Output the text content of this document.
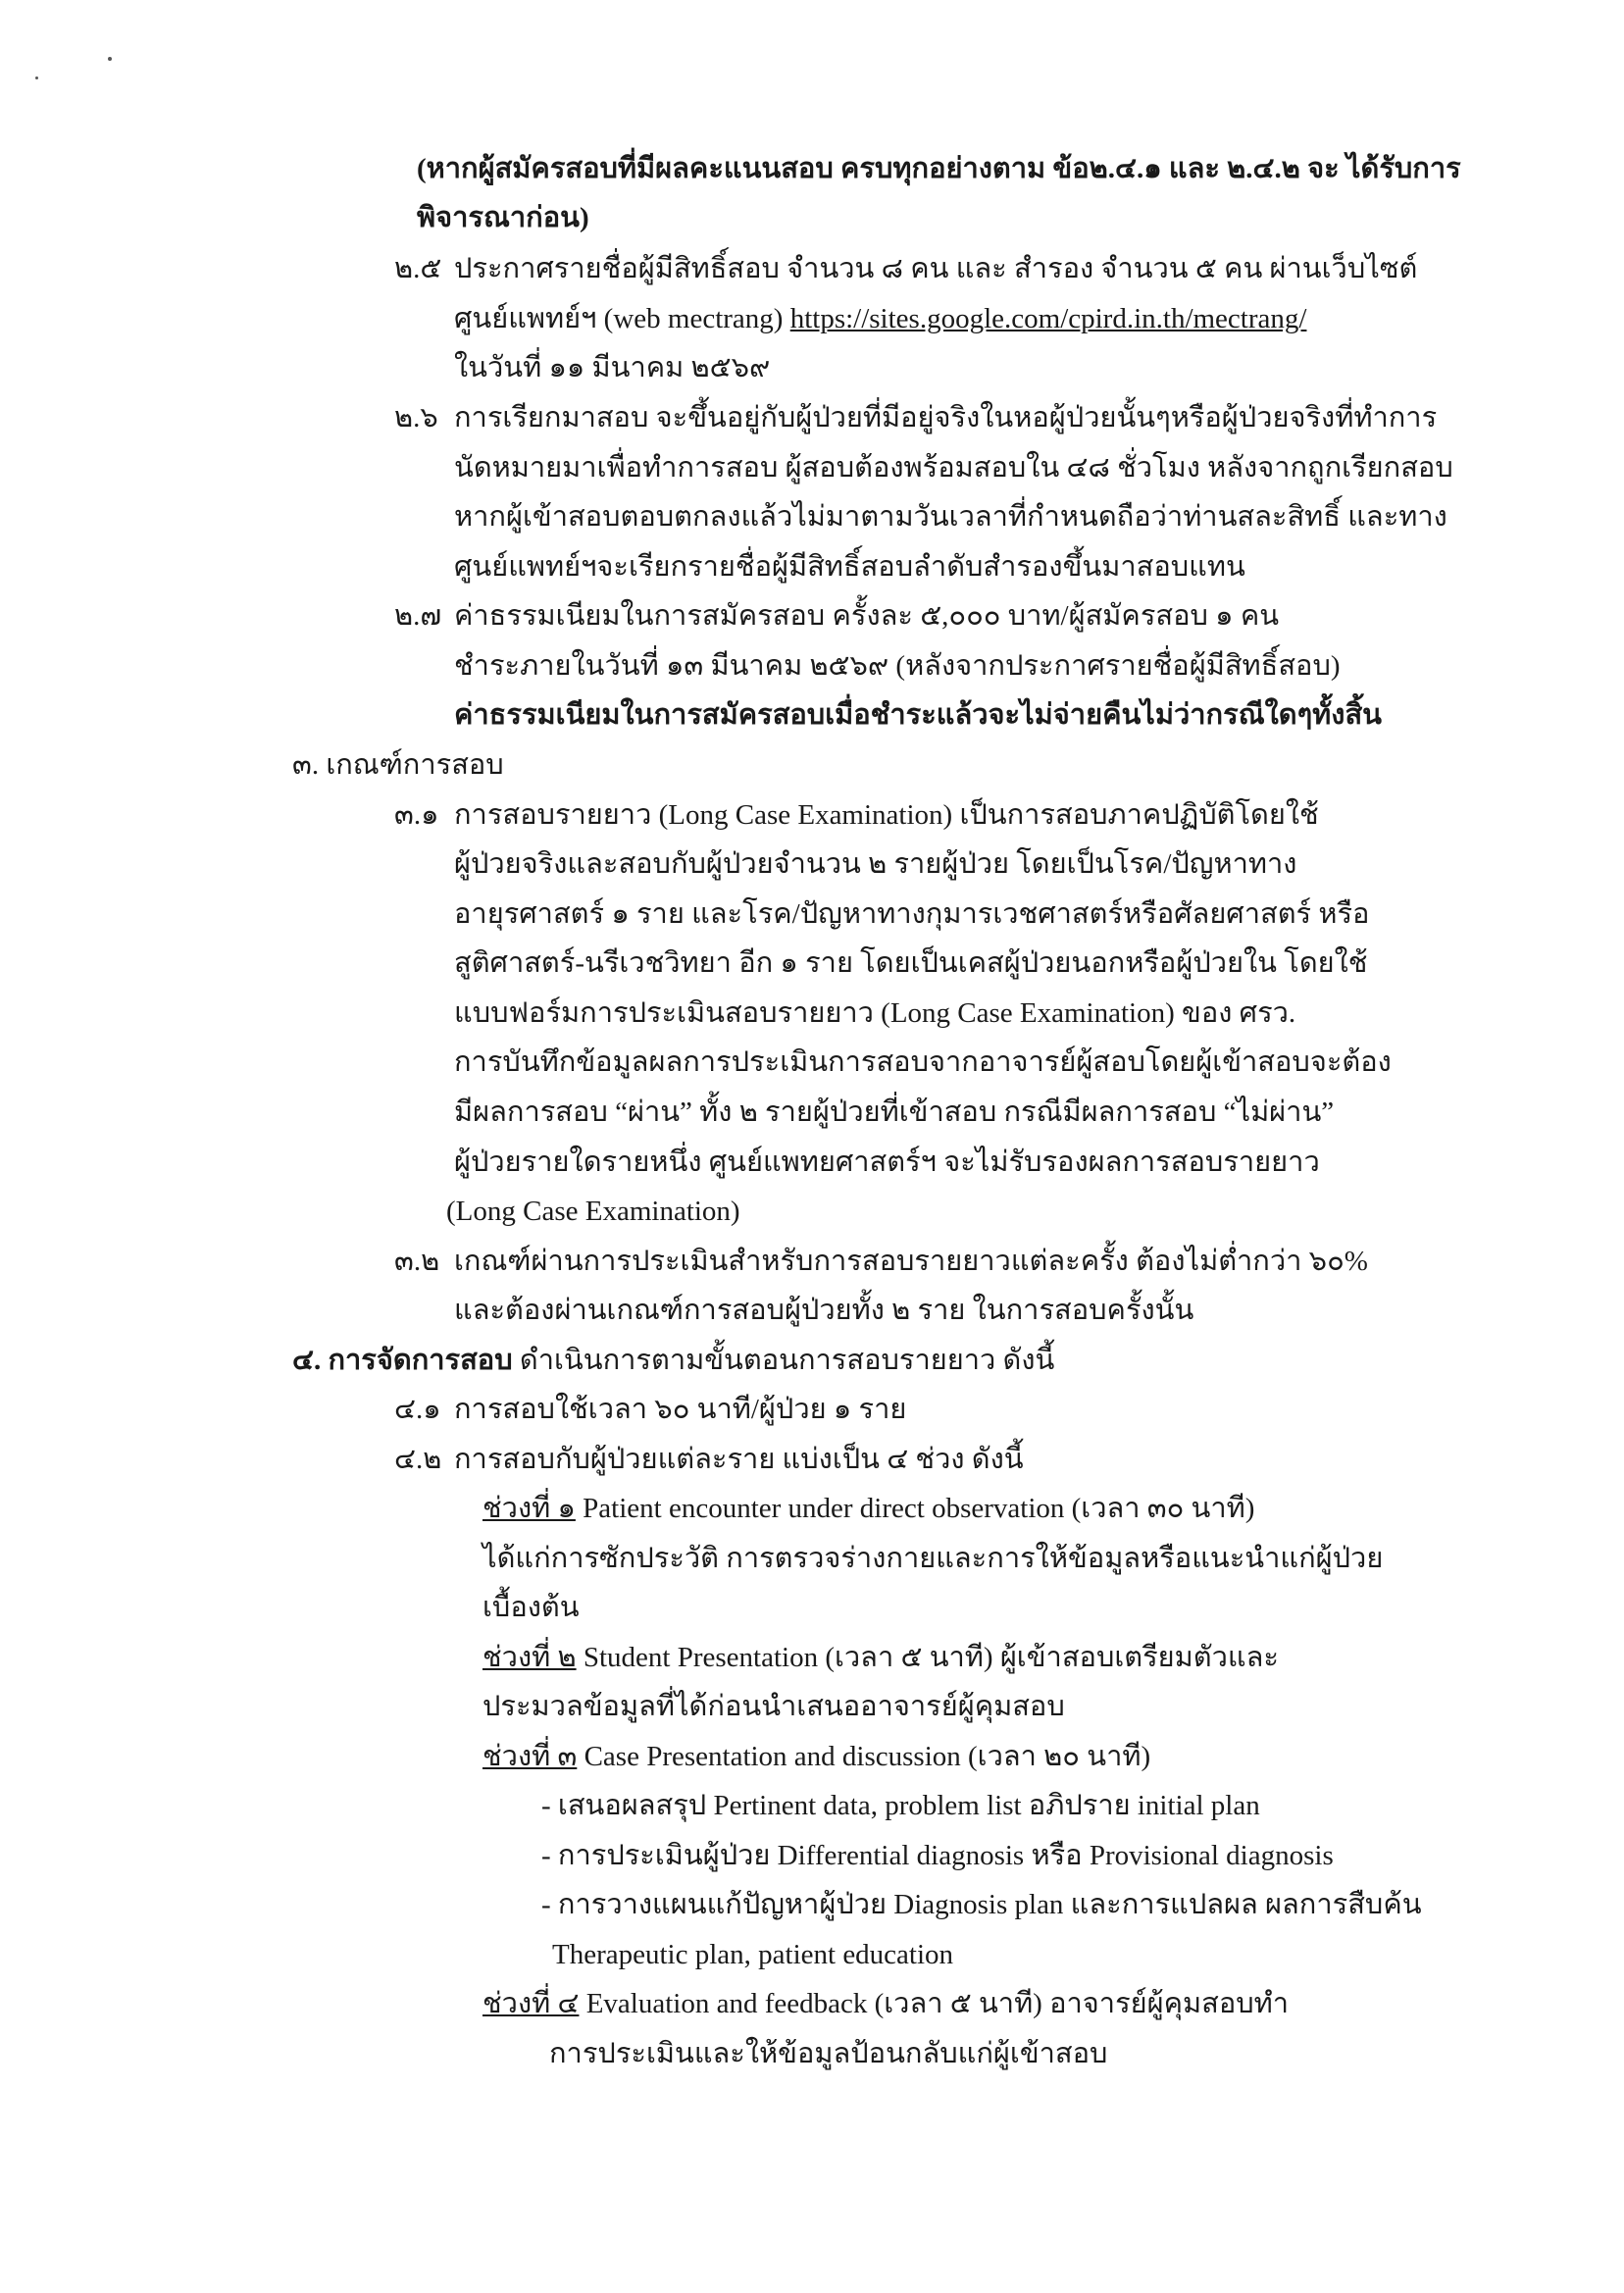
(หากผู้สมัครสอบที่มีผลคะแนนสอบ ครบทุกอย่างตาม ข้อ๒.๔.๑ และ ๒.๔.๒ จะ ได้รับการ
พิจารณาก่อน)
๒.๕ ประกาศรายชื่อผู้มีสิทธิ์สอบ จำนวน ๘ คน และ สำรอง จำนวน ๕ คน ผ่านเว็บไซต์
ศูนย์แพทย์ฯ (web mectrang) https://sites.google.com/cpird.in.th/mectrang/
ในวันที่ ๑๑ มีนาคม ๒๕๖๙
๒.๖ การเรียกมาสอบ จะขึ้นอยู่กับผู้ป่วยที่มีอยู่จริงในหอผู้ป่วยนั้นๆหรือผู้ป่วยจริงที่ทำการ
นัดหมายมาเพื่อทำการสอบ ผู้สอบต้องพร้อมสอบใน ๔๘ ชั่วโมง หลังจากถูกเรียกสอบ
หากผู้เข้าสอบตอบตกลงแล้วไม่มาตามวันเวลาที่กำหนดถือว่าท่านสละสิทธิ์ และทาง
ศูนย์แพทย์ฯจะเรียกรายชื่อผู้มีสิทธิ์สอบลำดับสำรองขึ้นมาสอบแทน
๒.๗ ค่าธรรมเนียมในการสมัครสอบ ครั้งละ ๕,๐๐๐ บาท/ผู้สมัครสอบ ๑ คน
ชำระภายในวันที่ ๑๓ มีนาคม ๒๕๖๙ (หลังจากประกาศรายชื่อผู้มีสิทธิ์สอบ)
ค่าธรรมเนียมในการสมัครสอบเมื่อชำระแล้วจะไม่จ่ายคืนไม่ว่ากรณีใดๆทั้งสิ้น
๓. เกณฑ์การสอบ
๓.๑ การสอบรายยาว (Long Case Examination) เป็นการสอบภาคปฏิบัติโดยใช้
ผู้ป่วยจริงและสอบกับผู้ป่วยจำนวน ๒ รายผู้ป่วย โดยเป็นโรค/ปัญหาทาง
อายุรศาสตร์ ๑ ราย และโรค/ปัญหาทางกุมารเวชศาสตร์หรือศัลยศาสตร์ หรือ
สูติศาสตร์-นรีเวชวิทยา อีก ๑ ราย โดยเป็นเคสผู้ป่วยนอกหรือผู้ป่วยใน โดยใช้
แบบฟอร์มการประเมินสอบรายยาว (Long Case Examination) ของ ศรว.
การบันทึกข้อมูลผลการประเมินการสอบจากอาจารย์ผู้สอบโดยผู้เข้าสอบจะต้อง
มีผลการสอบ “ผ่าน” ทั้ง ๒ รายผู้ป่วยที่เข้าสอบ กรณีมีผลการสอบ “ไม่ผ่าน”
ผู้ป่วยรายใดรายหนึ่ง ศูนย์แพทยศาสตร์ฯ จะไม่รับรองผลการสอบรายยาว
(Long Case Examination)
๓.๒ เกณฑ์ผ่านการประเมินสำหรับการสอบรายยาวแต่ละครั้ง ต้องไม่ต่ำกว่า ๖๐%
และต้องผ่านเกณฑ์การสอบผู้ป่วยทั้ง ๒ ราย ในการสอบครั้งนั้น
๔. การจัดการสอบ ดำเนินการตามขั้นตอนการสอบรายยาว ดังนี้
๔.๑ การสอบใช้เวลา ๖๐ นาที/ผู้ป่วย ๑ ราย
๔.๒ การสอบกับผู้ป่วยแต่ละราย แบ่งเป็น ๔ ช่วง ดังนี้
ช่วงที่ ๑ Patient encounter under direct observation (เวลา ๓๐ นาที)
ได้แก่การซักประวัติ การตรวจร่างกายและการให้ข้อมูลหรือแนะนำแก่ผู้ป่วย
เบื้องต้น
ช่วงที่ ๒ Student Presentation (เวลา ๕ นาที) ผู้เข้าสอบเตรียมตัวและ
ประมวลข้อมูลที่ได้ก่อนนำเสนออาจารย์ผู้คุมสอบ
ช่วงที่ ๓ Case Presentation and discussion (เวลา ๒๐ นาที)
- เสนอผลสรุป Pertinent data, problem list อภิปราย initial plan
- การประเมินผู้ป่วย Differential diagnosis หรือ Provisional diagnosis
- การวางแผนแก้ปัญหาผู้ป่วย Diagnosis plan และการแปลผล ผลการสืบค้น
Therapeutic plan, patient education
ช่วงที่ ๔ Evaluation and feedback (เวลา ๕ นาที) อาจารย์ผู้คุมสอบทำ
การประเมินและให้ข้อมูลป้อนกลับแก่ผู้เข้าสอบ
